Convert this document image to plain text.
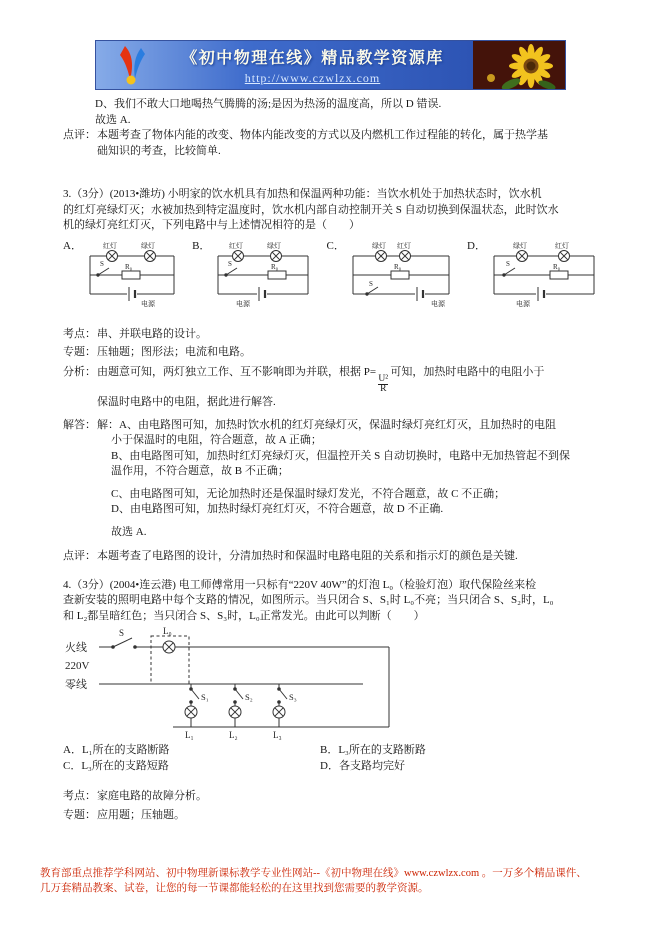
《初中物理在线》精品教学资源库
http://www.czwlzx.com
D、我们不敢大口地喝热气腾腾的汤;是因为热汤的温度高，所以 D 错误.
故选 A.
点评： 本题考查了物体内能的改变、物体内能改变的方式以及内燃机工作过程能的转化，属于热学基
础知识的考查，比较简单.
3.（3分）(2013•潍坊) 小明家的饮水机具有加热和保温两种功能：当饮水机处于加热状态时，饮水机
的红灯亮绿灯灭；水被加热到特定温度时，饮水机内部自动控制开关 S 自动切换到保温状态，此时饮水
机的绿灯亮红灯灭，下列电路中与上述情况相符的是（　　）
A．	红灯	绿灯
S	R₀
电源
B．	红灯	绿灯
S	R₀
电源
C．	绿灯 红灯
S
R₀
电源
D．	绿灯	红灯
S	R₀
电源
考点： 串、并联电路的设计。
专题： 压轴题；图形法；电流和电路。
分析： 由题意可知，两灯独立工作、互不影响即为并联，根据 P=
$\frac{\text{U²}}{R}$
可知，加热时电路中的电阻小于
保温时电路中的电阻，据此进行解答.
解答： 解：A、由电路图可知，加热时饮水机的红灯亮绿灯灭，保温时绿灯亮红灯灭，且加热时的电阻
小于保温时的电阻，符合题意，故 A 正确；
B、由电路图可知，加热时红灯亮绿灯灭，但温控开关 S 自动切换时，电路中无加热管起不到保
温作用，不符合题意，故 B 不正确；
C、由电路图可知，无论加热时还是保温时绿灯发光，不符合题意，故 C 不正确；
D、由电路图可知，加热时绿灯亮红灯灭，不符合题意，故 D 不正确.
故选 A.
点评： 本题考查了电路图的设计，分清加热时和保温时电路电阻的关系和指示灯的颜色是关键.
4.（3分）(2004•连云港) 电工师傅常用一只标有“220V 40W”的灯泡 L₀（检验灯泡）取代保险丝来检
查新安装的照明电路中每个支路的情况，如图所示。当只闭合 S、S₁时 L₀不亮；当只闭合 S、S₂时，L₀
和 L₂都呈暗红色；当只闭合 S、S₃时，L₀正常发光。由此可以判断（　　）
火线
220V
零线
S	L₀
S₁	S₂	S₃
L₁	L₂	L₃
A．L₁所在的支路断路	B．L₃所在的支路断路
C．L₃所在的支路短路	D．各支路均完好
考点： 家庭电路的故障分析。
专题： 应用题；压轴题。
教育部重点推荐学科网站、初中物理新课标教学专业性网站--《初中物理在线》www.czwlzx.com 。一万多个精品课件、
几万套精品教案、试卷，让您的每一节课都能轻松的在这里找到您需要的教学资源。
